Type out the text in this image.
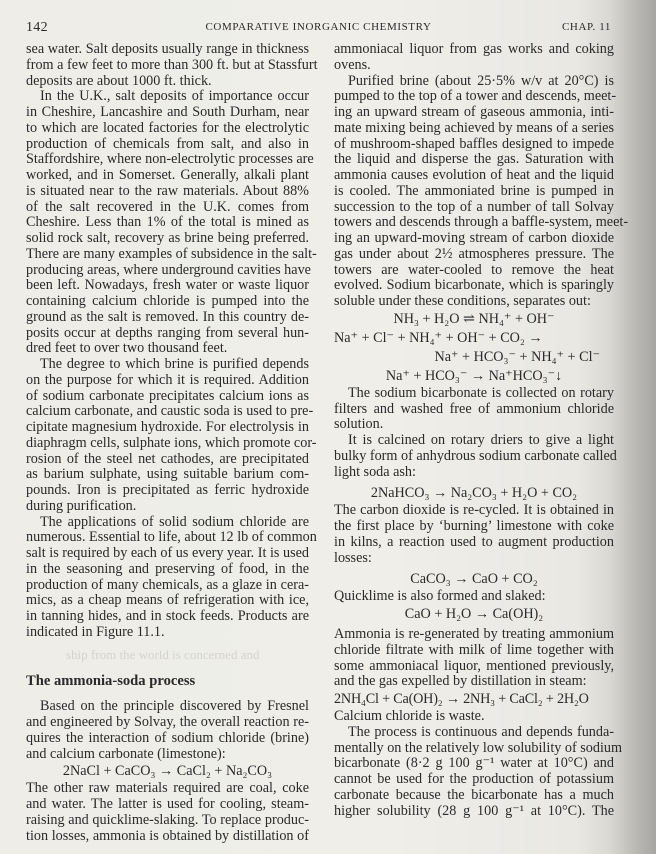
142	COMPARATIVE INORGANIC CHEMISTRY	CHAP. 11
sea water. Salt deposits usually range in thickness
from a few feet to more than 300 ft. but at Stassfurt
deposits are about 1000 ft. thick.
In the U.K., salt deposits of importance occur
in Cheshire, Lancashire and South Durham, near
to which are located factories for the electrolytic
production of chemicals from salt, and also in
Staffordshire, where non-electrolytic processes are
worked, and in Somerset. Generally, alkali plant
is situated near to the raw materials. About 88%
of the salt recovered in the U.K. comes from
Cheshire. Less than 1% of the total is mined as
solid rock salt, recovery as brine being preferred.
There are many examples of subsidence in the salt-
producing areas, where underground cavities have
been left. Nowadays, fresh water or waste liquor
containing calcium chloride is pumped into the
ground as the salt is removed. In this country de-
posits occur at depths ranging from several hun-
dred feet to over two thousand feet.
The degree to which brine is purified depends
on the purpose for which it is required. Addition
of sodium carbonate precipitates calcium ions as
calcium carbonate, and caustic soda is used to pre-
cipitate magnesium hydroxide. For electrolysis in
diaphragm cells, sulphate ions, which promote cor-
rosion of the steel net cathodes, are precipitated
as barium sulphate, using suitable barium com-
pounds. Iron is precipitated as ferric hydroxide
during purification.
The applications of solid sodium chloride are
numerous. Essential to life, about 12 lb of common
salt is required by each of us every year. It is used
in the seasoning and preserving of food, in the
production of many chemicals, as a glaze in cera-
mics, as a cheap means of refrigeration with ice,
in tanning hides, and in stock feeds. Products are
indicated in Figure 11.1.
ship from the world is concerned and
The ammonia-soda process
Based on the principle discovered by Fresnel
and engineered by Solvay, the overall reaction re-
quires the interaction of sodium chloride (brine)
and calcium carbonate (limestone):
2NaCl + CaCO₃ → CaCl₂ + Na₂CO₃
The other raw materials required are coal, coke
and water. The latter is used for cooling, steam-
raising and quicklime-slaking. To replace produc-
tion losses, ammonia is obtained by distillation of
ammoniacal liquor from gas works and coking
ovens.
Purified brine (about 25·5% w/v at 20°C) is
pumped to the top of a tower and descends, meet-
ing an upward stream of gaseous ammonia, inti-
mate mixing being achieved by means of a series
of mushroom-shaped baffles designed to impede
the liquid and disperse the gas. Saturation with
ammonia causes evolution of heat and the liquid
is cooled. The ammoniated brine is pumped in
succession to the top of a number of tall Solvay
towers and descends through a baffle-system, meet-
ing an upward-moving stream of carbon dioxide
gas under about 2½ atmospheres pressure. The
towers are water-cooled to remove the heat
evolved. Sodium bicarbonate, which is sparingly
soluble under these conditions, separates out:
NH₃ + H₂O ⇌ NH₄⁺ + OH⁻
Na⁺ + Cl⁻ + NH₄⁺ + OH⁻ + CO₂ →
Na⁺ + HCO₃⁻ + NH₄⁺ + Cl⁻
Na⁺ + HCO₃⁻ → Na⁺HCO₃⁻↓
The sodium bicarbonate is collected on rotary
filters and washed free of ammonium chloride
solution.
It is calcined on rotary driers to give a light
bulky form of anhydrous sodium carbonate called
light soda ash:
2NaHCO₃ → Na₂CO₃ + H₂O + CO₂
The carbon dioxide is re-cycled. It is obtained in
the first place by ‘burning’ limestone with coke
in kilns, a reaction used to augment production
losses:
CaCO₃ → CaO + CO₂
Quicklime is also formed and slaked:
CaO + H₂O → Ca(OH)₂
Ammonia is re-generated by treating ammonium
chloride filtrate with milk of lime together with
some ammoniacal liquor, mentioned previously,
and the gas expelled by distillation in steam:
2NH₄Cl + Ca(OH)₂ → 2NH₃ + CaCl₂ + 2H₂O
Calcium chloride is waste.
The process is continuous and depends funda-
mentally on the relatively low solubility of sodium
bicarbonate (8·2 g 100 g⁻¹ water at 10°C) and
cannot be used for the production of potassium
carbonate because the bicarbonate has a much
higher solubility (28 g 100 g⁻¹ at 10°C). The
